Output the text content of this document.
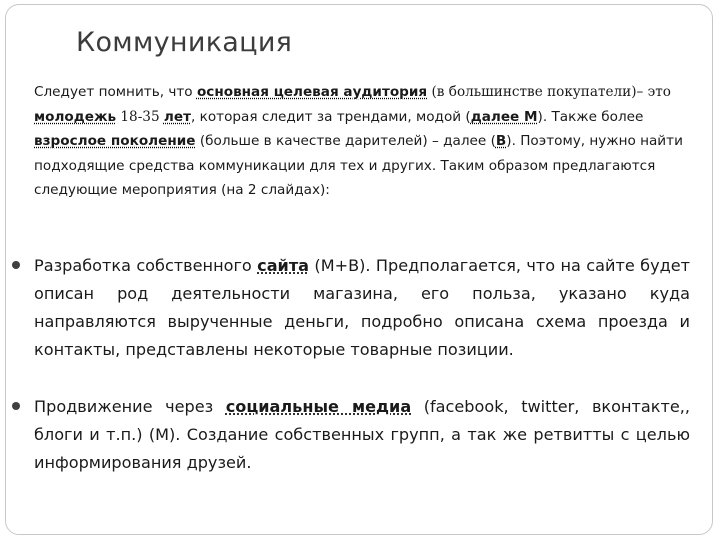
Коммуникация
Следует помнить, что основная целевая аудитория (в большинстве покупатели)– это молодежь 18-35 лет, которая следит за трендами, модой (далее М). Также более взрослое поколение (больше в качестве дарителей) – далее (В). Поэтому, нужно найти подходящие средства коммуникации для тех и других. Таким образом предлагаются следующие мероприятия (на 2 слайдах):
Разработка собственного сайта (М+В). Предполагается, что на сайте будет описан род деятельности магазина, его польза, указано куда направляются вырученные деньги, подробно описана схема проезда и контакты, представлены некоторые товарные позиции.
Продвижение через социальные медиа (facebook, twitter, вконтакте,, блоги и т.п.) (М). Создание собственных групп, а так же ретвитты с целью информирования друзей.
